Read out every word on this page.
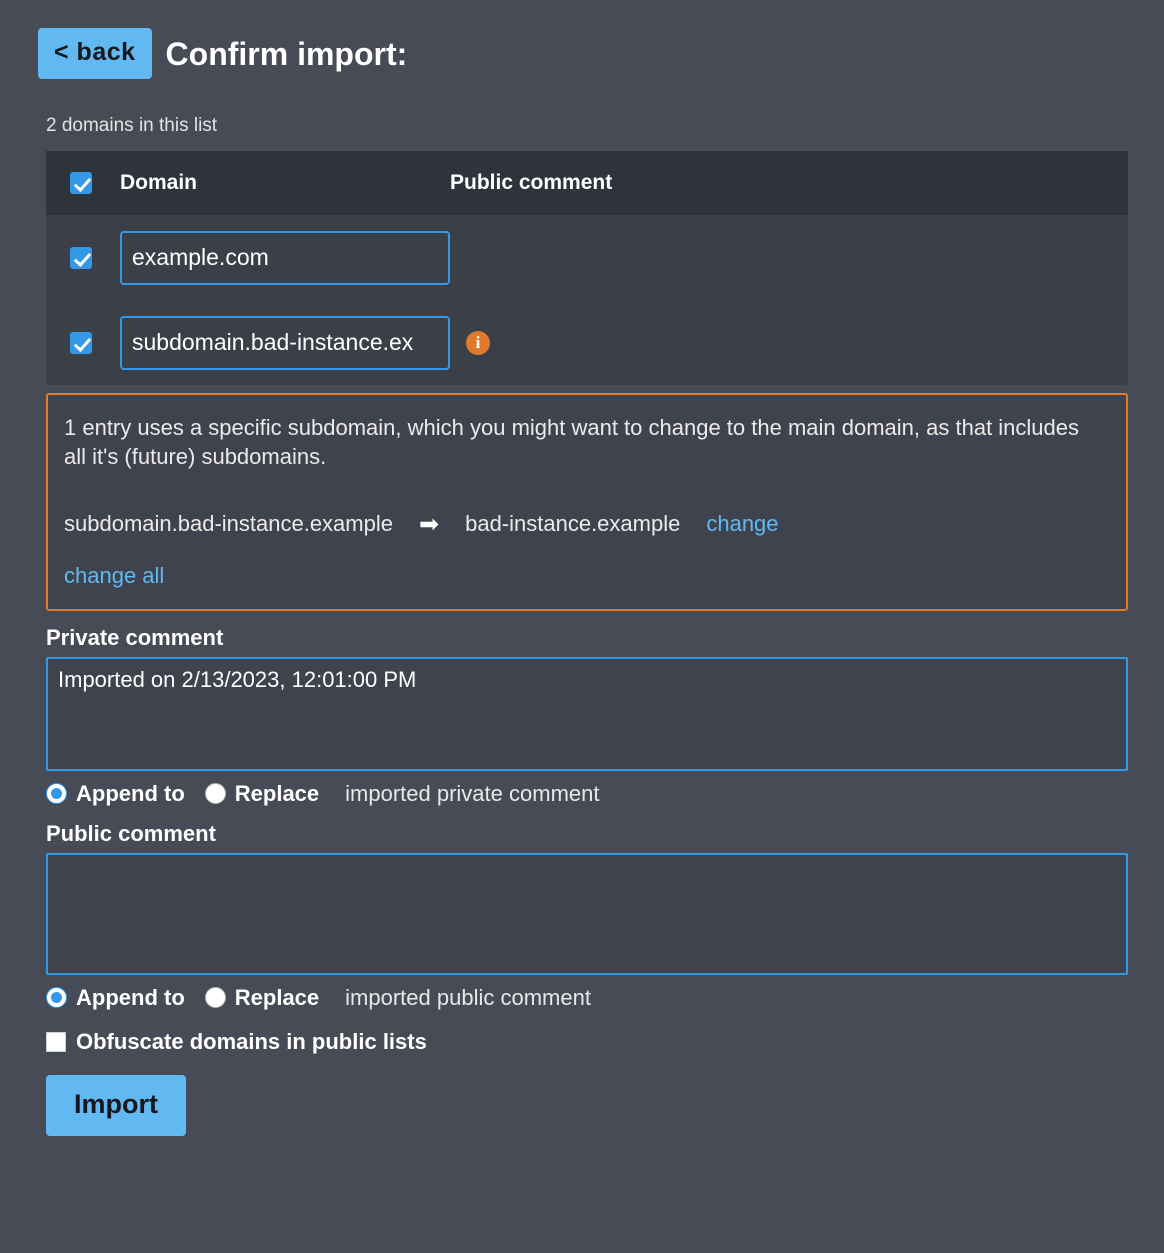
< back Confirm import:
2 domains in this list
Domain	Public comment
example.com
subdomain.bad-instance.ex
i
1 entry uses a specific subdomain, which you might want to change to the main domain, as that includes all it's (future) subdomains.
subdomain.bad-instance.example ➡ bad-instance.example change
change all
Private comment
Imported on 2/13/2023, 12:01:00 PM
Append to Replace imported private comment
Public comment
Append to Replace imported public comment
Obfuscate domains in public lists
Import
